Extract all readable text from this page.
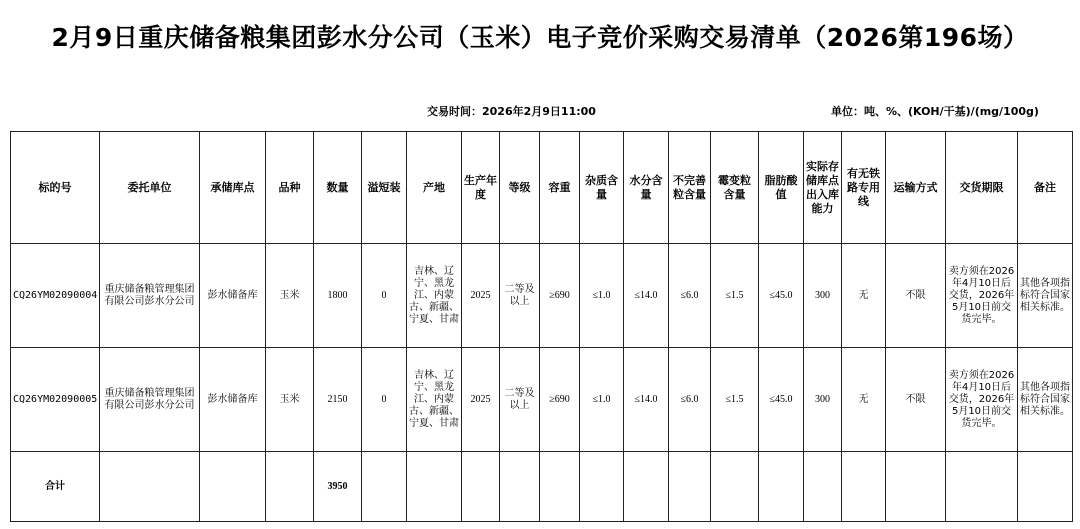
2月9日重庆储备粮集团彭水分公司（玉米）电子竞价采购交易清单（2026第196场）
交易时间：2026年2月9日11:00	单位：吨、%、(KOH/干基)/(mg/100g)
标的号	委托单位	承储库点	品种	数量	溢短装	产地	生产年度	等级	容重	杂质含量	水分含量	不完善粒含量	霉变粒含量	脂肪酸值	实际存储库点出入库能力	有无铁路专用线	运输方式	交货期限	备注
CQ26YM02090004	重庆储备粮管理集团有限公司彭水分公司	彭水储备库	玉米	1800	0	吉林、辽宁、黑龙江、内蒙古、新疆、宁夏、甘肃	2025	二等及以上	≥690	≤1.0	≤14.0	≤6.0	≤1.5	≤45.0	300	无	不限	卖方须在2026年4月10日后交货，2026年5月10日前交货完毕。	其他各项指标符合国家相关标准。
CQ26YM02090005	重庆储备粮管理集团有限公司彭水分公司	彭水储备库	玉米	2150	0	吉林、辽宁、黑龙江、内蒙古、新疆、宁夏、甘肃	2025	二等及以上	≥690	≤1.0	≤14.0	≤6.0	≤1.5	≤45.0	300	无	不限	卖方须在2026年4月10日后交货，2026年5月10日前交货完毕。	其他各项指标符合国家相关标准。
合计				3950															
